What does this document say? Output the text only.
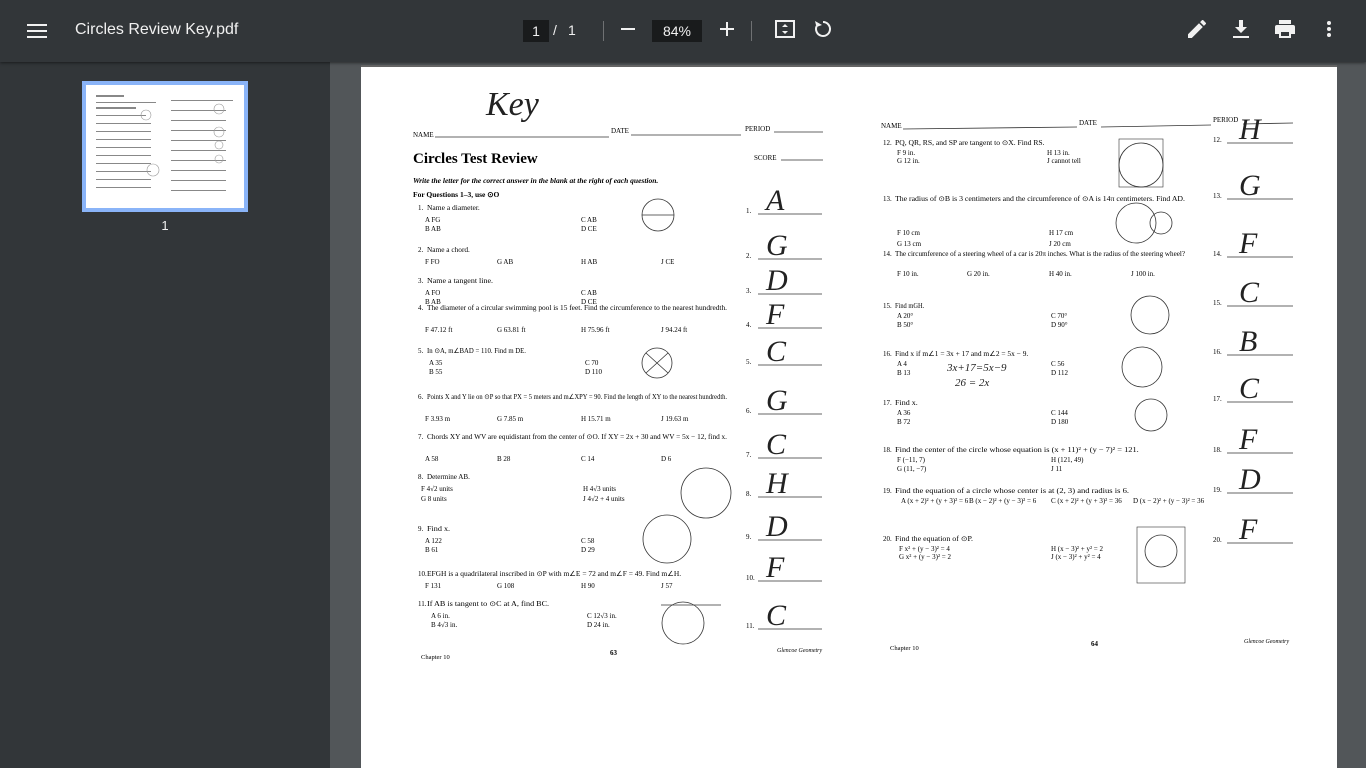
Circles Review Key.pdf	1 / 1	84%
1
Key
NAME	DATE	PERIOD
Circles Test Review	SCORE
Write the letter for the correct answer in the blank at the right of each question.
For Questions 1–3, use ⊙O
1. Name a diameter.
A FG
B AB
C AB
D CE
1. A
2. Name a chord.
F FO	G AB	H AB	J CE
2. G
3. Name a tangent line.
A FO
B AB
C AB
D CE
3. D
4. The diameter of a circular swimming pool is 15 feet. Find the circumference to the nearest hundredth.
F 47.12 ft	G 63.81 ft	H 75.96 ft	J 94.24 ft
4. F
5. In ⊙A, m∠BAD = 110. Find m DE.
A 35
B 55
C 70
D 110
5. C
6. Points X and Y lie on ⊙P so that PX = 5 meters and m∠XPY = 90. Find the length of XY to the nearest hundredth.
F 3.93 m	G 7.85 m	H 15.71 m	J 19.63 m
6. G
7. Chords XY and WV are equidistant from the center of ⊙O. If XY = 2x + 30 and WV = 5x − 12, find x.
A 58	B 28	C 14	D 6	7. C
8. Determine AB.
F 4√2 units
G 8 units
H 4√3 units
J 4√2 + 4 units
8. H
9. Find x.
A 122
B 61
C 58
D 29
9. D
10. EFGH is a quadrilateral inscribed in ⊙P with m∠E = 72 and m∠F = 49. Find m∠H.
F 131	G 108	H 90	J 57
10. F
11. If AB is tangent to ⊙C at A, find BC.
A 6 in.
B 4√3 in.
C 12√3 in.
D 24 in.	11. C
Chapter 10
63	Glencoe Geometry
NAME	DATE	PERIOD
12. PQ, QR, RS, and SP are tangent to ⊙X. Find RS.
F 9 in.
G 12 in.
H 13 in.
J cannot tell
12. H
13. The radius of ⊙B is 3 centimeters and the circumference of ⊙A is 14π centimeters. Find AD.
F 10 cm
G 13 cm
H 17 cm
J 20 cm
13. G
14. The circumference of a steering wheel of a car is 20π inches. What is the radius of the steering wheel?
F 10 in.	G 20 in.	H 40 in.	J 100 in.
14. F
15. Find mGH.
A 20°
B 50°
C 70°
D 90°
15. C
16. Find x if m∠1 = 3x + 17 and m∠2 = 5x − 9.
A 4
B 13
C 56
D 112
16. B
17. Find x.
A 36
B 72
C 144
D 180
17. C
18. Find the center of the circle whose equation is (x + 11)² + (y − 7)² = 121.
F (−11, 7)
G (11, −7)
H (121, 49)
J 11
18. F
19. Find the equation of a circle whose center is at (2, 3) and radius is 6.
A (x + 2)² + (y + 3)² = 6 B (x − 2)² + (y − 3)² = 6 C (x + 2)² + (y + 3)² = 36 D (x − 2)² + (y − 3)² = 36
19. D
20. Find the equation of ⊙P.
F x² + (y − 3)² = 4
G x² + (y − 3)² = 2
H (x − 3)² + y² = 2
J (x − 3)² + y² = 4
20. F
3x+17=5x−9
26 = 2x
Chapter 10
64	Glencoe Geometry
